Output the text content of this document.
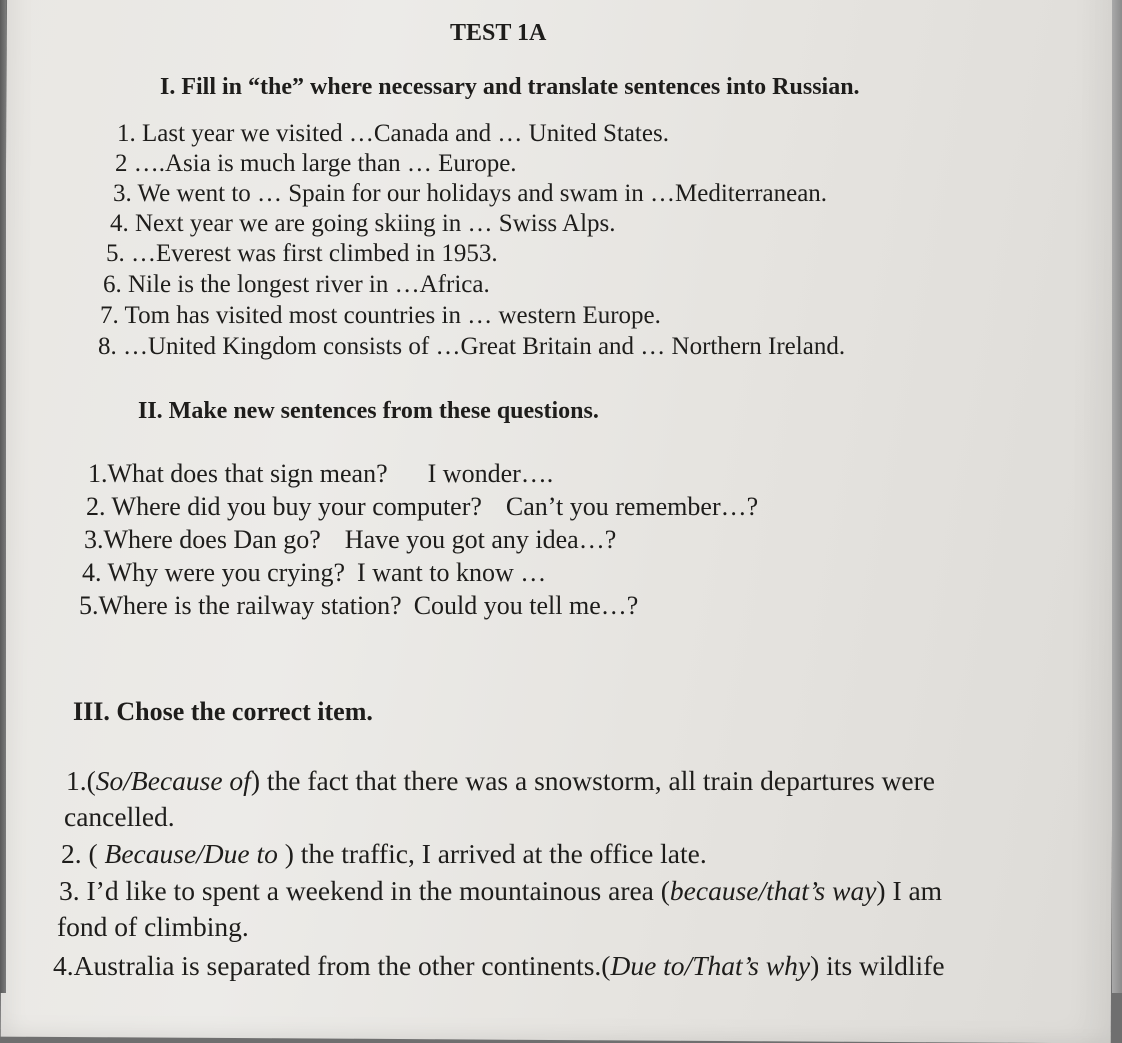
TEST 1A
I. Fill in “the” where necessary and translate sentences into Russian.
1. Last year we visited …Canada and … United States.
2 ….Asia is much large than … Europe.
3. We went to … Spain for our holidays and swam in …Mediterranean.
4. Next year we are going skiing in … Swiss Alps.
5. …Everest was first climbed in 1953.
6. Nile is the longest river in …Africa.
7. Tom has visited most countries in … western Europe.
8. …United Kingdom consists of …Great Britain and … Northern Ireland.
II. Make new sentences from these questions.
1.What does that sign mean? I wonder….
2. Where did you buy your computer? Can’t you remember…?
3.Where does Dan go? Have you got any idea…?
4. Why were you crying? I want to know …
5.Where is the railway station? Could you tell me…?
III. Chose the correct item.
1.(So/Because of) the fact that there was a snowstorm, all train departures were
cancelled.
2. ( Because/Due to ) the traffic, I arrived at the office late.
3. I’d like to spent a weekend in the mountainous area (because/that’s way) I am
fond of climbing.
4.Australia is separated from the other continents.(Due to/That’s why) its wildlife
